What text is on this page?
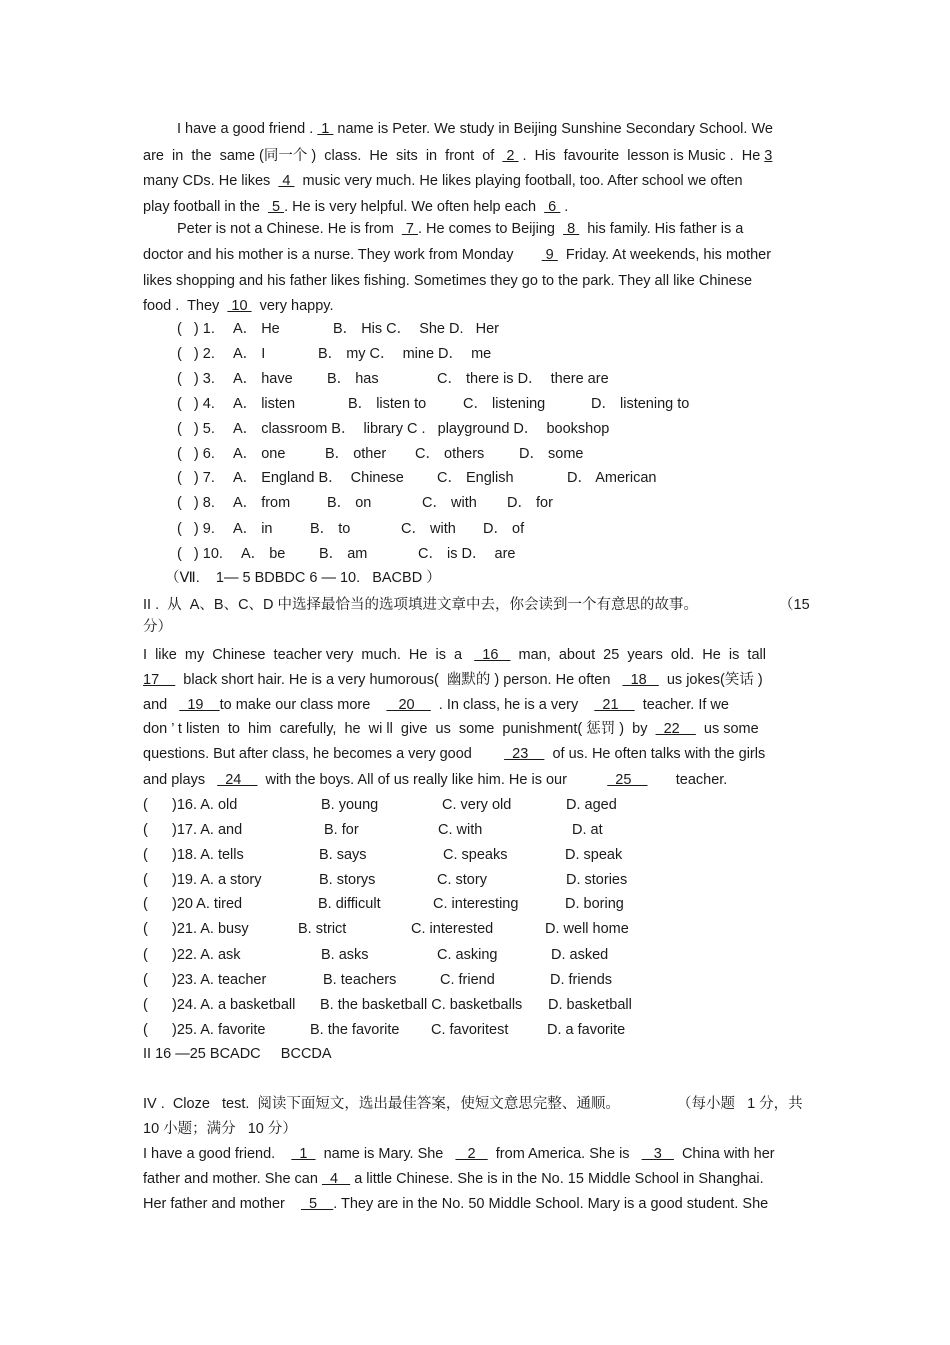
I have a good friend .  1  name is Peter. We study in Beijing Sunshine Secondary School. We
are  in  the  same (同一个 )  class.  He  sits  in  front  of   2  .  His  favourite  lesson is Music .  He 3
many CDs. He likes   4   music very much. He likes playing football, too. After school we often
play football in the   5 . He is very helpful. We often help each   6  .
Peter is not a Chinese. He is from   7 . He comes to Beijing   8   his family. His father is a
doctor and his mother is a nurse. They work from Monday        9   Friday. At weekends, his mother
likes shopping and his father likes fishing. Sometimes they go to the park. They all like Chinese
food .  They   10   very happy.
(   ) 1. A． He	B． His C．  She D.   Her
(   ) 2. A． I	B． my C．  mine D．  me
(   ) 3. A． have B． has	C． there is D．  there are
(   ) 4. A． listen	B． listen to	C． listening	D． listening to
(   ) 5. A． classroom B．  library C .   playground D．  bookshop
(   ) 6. A． one	B． other C． others D． some
(   ) 7. A． England B．  Chinese C． English	D． American
(   ) 8. A． from	B． on	C． with D． for
(   ) 9. A． in	B． to	C． with D． of
(   ) 10. A． be B． am	C． is D．  are
（Ⅶ.    1— 5 BDBDC 6 — 10.   BACBD ）
II .  从  A、B、C、D 中选择最恰当的选项填进文章中去，你会读到一个有意思的故事。	（15
分）
I  like  my  Chinese  teacher very  much.  He  is  a     16     man,  about  25  years  old.  He  is  tall
17      black short hair. He is a very humorous(  幽默的 ) person. He often     18     us jokes(笑话 )
and     19    to make our class more       20      . In class, he is a very      21      teacher. If we
don ’ t listen  to  him  carefully,  he  wi ll  give  us  some  punishment( 惩罚 )  by    22      us some
questions. But after class, he becomes a very good          23      of us. He often talks with the girls
and plays     24      with the boys. All of us really like him. He is our            25           teacher.
(      )16. A. old	B. young	C. very old	D. aged
(      )17. A. and	B. for	C. with	D. at
(      )18. A. tells	B. says	C. speaks	D. speak
(      )19. A. a story	B. storys	C. story	D. stories
(      )20 A. tired	B. difficult	C. interesting	D. boring
(      )21. A. busy	B. strict	C. interested	D. well home
(      )22. A. ask	B. asks	C. asking	D. asked
(      )23. A. teacher	B. teachers	C. friend	D. friends
(      )24. A. a basketball B. the basketball C. basketballs D. basketball
(      )25. A. favorite	B. the favorite C. favoritest	D. a favorite
II 16 —25 BCADC     BCCDA
IV .  Cloze   test.  阅读下面短文，选出最佳答案，使短文意思完整、通顺。	（每小题   1 分，共
10 小题；满分   10 分）
I have a good friend.      1    name is Mary. She      2     from America. She is      3     China with her
father and mother. She can   4    a little Chinese. She is in the No. 15 Middle School in Shanghai.
Her father and mother      5    . They are in the No. 50 Middle School. Mary is a good student. She
